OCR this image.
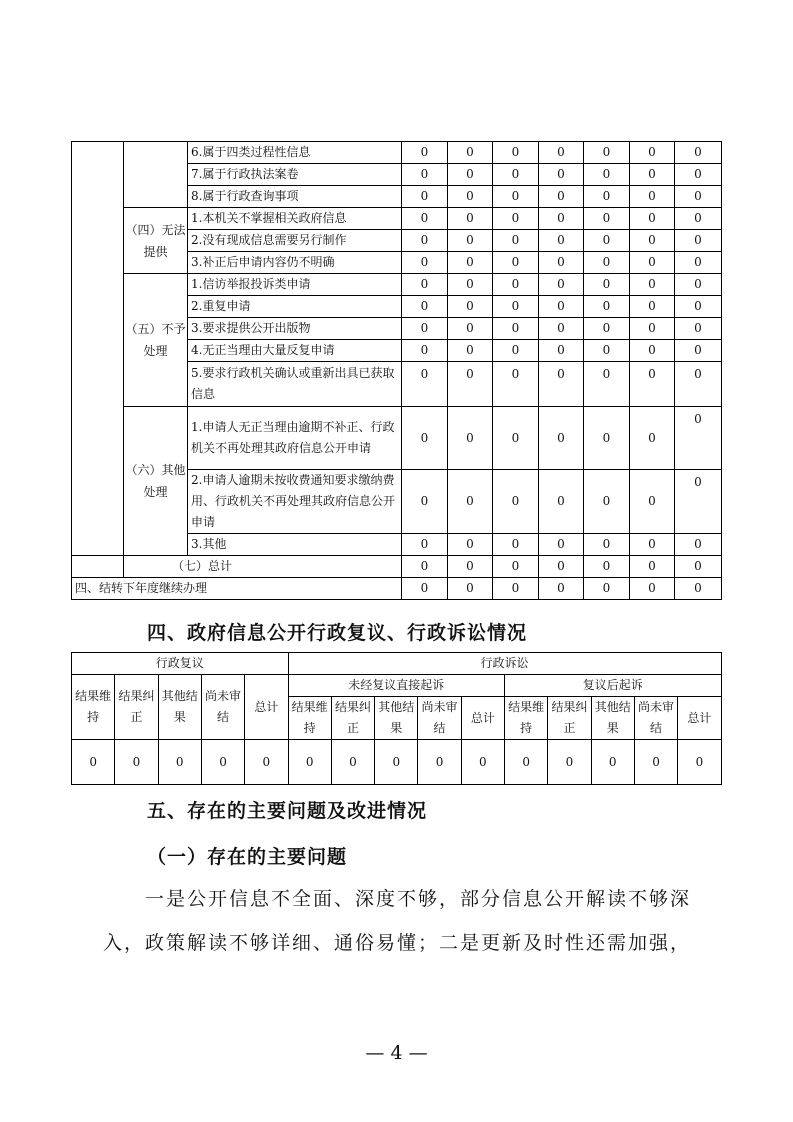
		6.属于四类过程性信息	0	0	0	0	0	0	0
		7.属于行政执法案卷	0	0	0	0	0	0	0
		8.属于行政查询事项	0	0	0	0	0	0	0
	（四）无法提供	1.本机关不掌握相关政府信息	0	0	0	0	0	0	0
		2.没有现成信息需要另行制作	0	0	0	0	0	0	0
		3.补正后申请内容仍不明确	0	0	0	0	0	0	0
	（五）不予处理	1.信访举报投诉类申请	0	0	0	0	0	0	0
		2.重复申请	0	0	0	0	0	0	0
		3.要求提供公开出版物	0	0	0	0	0	0	0
		4.无正当理由大量反复申请	0	0	0	0	0	0	0
		5.要求行政机关确认或重新出具已获取信息	0	0	0	0	0	0	0
	（六）其他处理	1.申请人无正当理由逾期不补正、行政机关不再处理其政府信息公开申请	0	0	0	0	0	0	0
		2.申请人逾期未按收费通知要求缴纳费用、行政机关不再处理其政府信息公开申请	0	0	0	0	0	0	0
		3.其他	0	0	0	0	0	0	0
	（七）总计		0	0	0	0	0	0	0
四、结转下年度继续办理			0	0	0	0	0	0	0
四、政府信息公开行政复议、行政诉讼情况
行政复议					行政诉讼									
结果维持	结果纠正	其他结果	尚未审结	总计	未经复议直接起诉					复议后起诉				
					结果维持	结果纠正	其他结果	尚未审结	总计	结果维持	结果纠正	其他结果	尚未审结	总计
0	0	0	0	0	0	0	0	0	0	0	0	0	0	0
五、存在的主要问题及改进情况
（一）存在的主要问题

一是公开信息不全面、深度不够，部分信息公开解读不够深

入，政策解读不够详细、通俗易懂；二是更新及时性还需加强，

— 4 —
